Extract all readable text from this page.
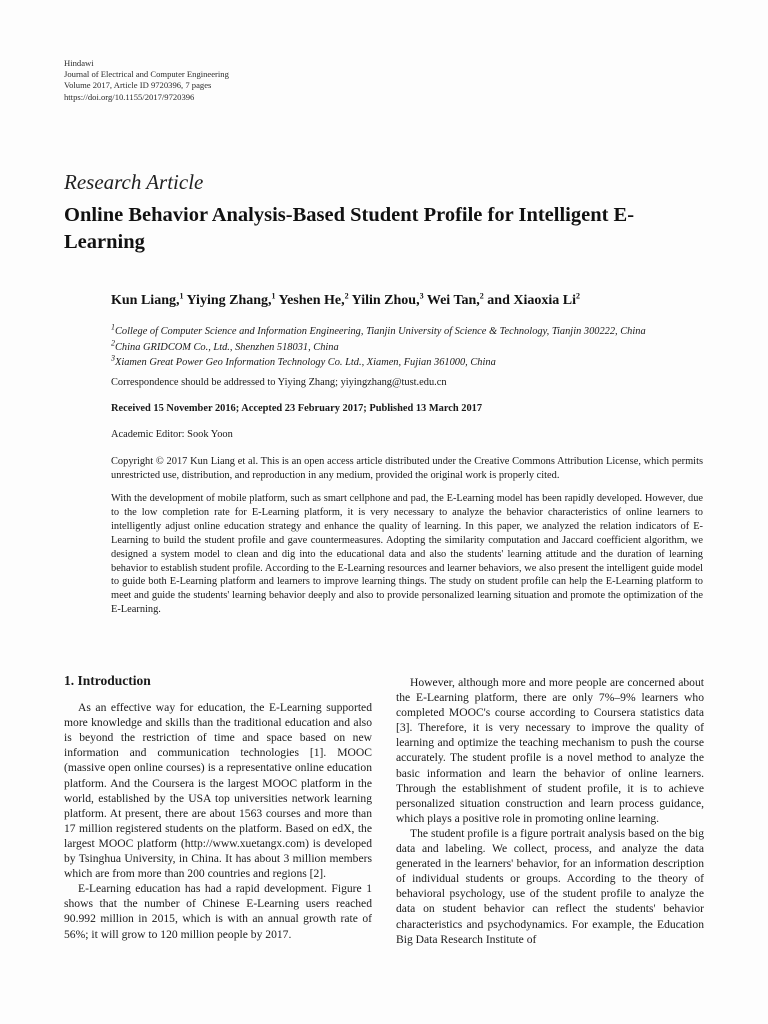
Hindawi
Journal of Electrical and Computer Engineering
Volume 2017, Article ID 9720396, 7 pages
https://doi.org/10.1155/2017/9720396
Research Article
Online Behavior Analysis-Based Student Profile for Intelligent E-Learning
Kun Liang,$^1$ Yiying Zhang,$^1$ Yeshen He,$^2$ Yilin Zhou,$^3$ Wei Tan,$^2$ and Xiaoxia Li$^2$
$^1$College of Computer Science and Information Engineering, Tianjin University of Science & Technology, Tianjin 300222, China
$^2$China GRIDCOM Co., Ltd., Shenzhen 518031, China
$^3$Xiamen Great Power Geo Information Technology Co. Ltd., Xiamen, Fujian 361000, China
Correspondence should be addressed to Yiying Zhang; yiyingzhang@tust.edu.cn
Received 15 November 2016; Accepted 23 February 2017; Published 13 March 2017
Academic Editor: Sook Yoon
Copyright © 2017 Kun Liang et al. This is an open access article distributed under the Creative Commons Attribution License, which permits unrestricted use, distribution, and reproduction in any medium, provided the original work is properly cited.
With the development of mobile platform, such as smart cellphone and pad, the E-Learning model has been rapidly developed. However, due to the low completion rate for E-Learning platform, it is very necessary to analyze the behavior characteristics of online learners to intelligently adjust online education strategy and enhance the quality of learning. In this paper, we analyzed the relation indicators of E-Learning to build the student profile and gave countermeasures. Adopting the similarity computation and Jaccard coefficient algorithm, we designed a system model to clean and dig into the educational data and also the students' learning attitude and the duration of learning behavior to establish student profile. According to the E-Learning resources and learner behaviors, we also present the intelligent guide model to guide both E-Learning platform and learners to improve learning things. The study on student profile can help the E-Learning platform to meet and guide the students' learning behavior deeply and also to provide personalized learning situation and promote the optimization of the E-Learning.
1. Introduction

As an effective way for education, the E-Learning supported more knowledge and skills than the traditional education and also is beyond the restriction of time and space based on new information and communication technologies [1]. MOOC (massive open online courses) is a representative online education platform. And the Coursera is the largest MOOC platform in the world, established by the USA top universities network learning platform. At present, there are about 1563 courses and more than 17 million registered students on the platform. Based on edX, the largest MOOC platform (http://www.xuetangx.com) is developed by Tsinghua University, in China. It has about 3 million members which are from more than 200 countries and regions [2].

E-Learning education has had a rapid development. Figure 1 shows that the number of Chinese E-Learning users reached 90.992 million in 2015, which is with an annual growth rate of 56%; it will grow to 120 million people by 2017.

However, although more and more people are concerned about the E-Learning platform, there are only 7%–9% learners who completed MOOC's course according to Coursera statistics data [3]. Therefore, it is very necessary to improve the quality of learning and optimize the teaching mechanism to push the course accurately. The student profile is a novel method to analyze the basic information and learn the behavior of online learners. Through the establishment of student profile, it is to achieve personalized situation construction and learn process guidance, which plays a positive role in promoting online learning.

The student profile is a figure portrait analysis based on the big data and labeling. We collect, process, and analyze the data generated in the learners' behavior, for an information description of individual students or groups. According to the theory of behavioral psychology, use of the student profile to analyze the data on student behavior can reflect the students' behavior characteristics and psychodynamics. For example, the Education Big Data Research Institute of
